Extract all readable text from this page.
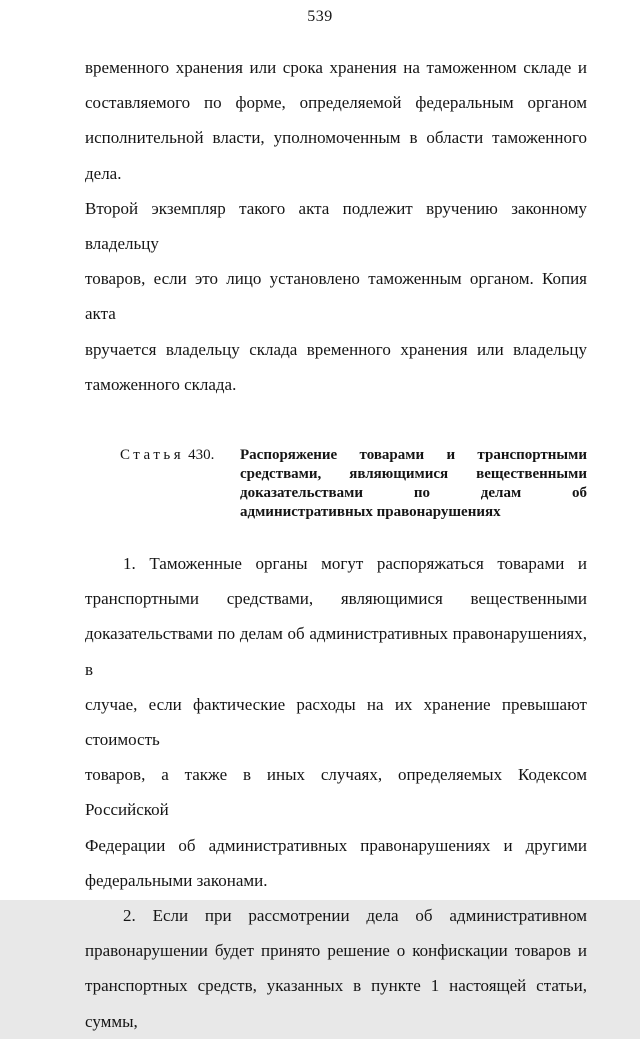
539
временного хранения или срока хранения на таможенном складе и
составляемого по форме, определяемой федеральным органом
исполнительной власти, уполномоченным в области таможенного дела.
Второй экземпляр такого акта подлежит вручению законному владельцу
товаров, если это лицо установлено таможенным органом. Копия акта
вручается владельцу склада временного хранения или владельцу
таможенного склада.
Статья 430.	Распоряжение товарами и транспортными
средствами, являющимися вещественными
доказательствами по делам об
административных правонарушениях
1. Таможенные органы могут распоряжаться товарами и
транспортными средствами, являющимися вещественными
доказательствами по делам об административных правонарушениях, в
случае, если фактические расходы на их хранение превышают стоимость
товаров, а также в иных случаях, определяемых Кодексом Российской
Федерации об административных правонарушениях и другими
федеральными законами.
2. Если при рассмотрении дела об административном
правонарушении будет принято решение о конфискации товаров и
транспортных средств, указанных в пункте 1 настоящей статьи, суммы,
